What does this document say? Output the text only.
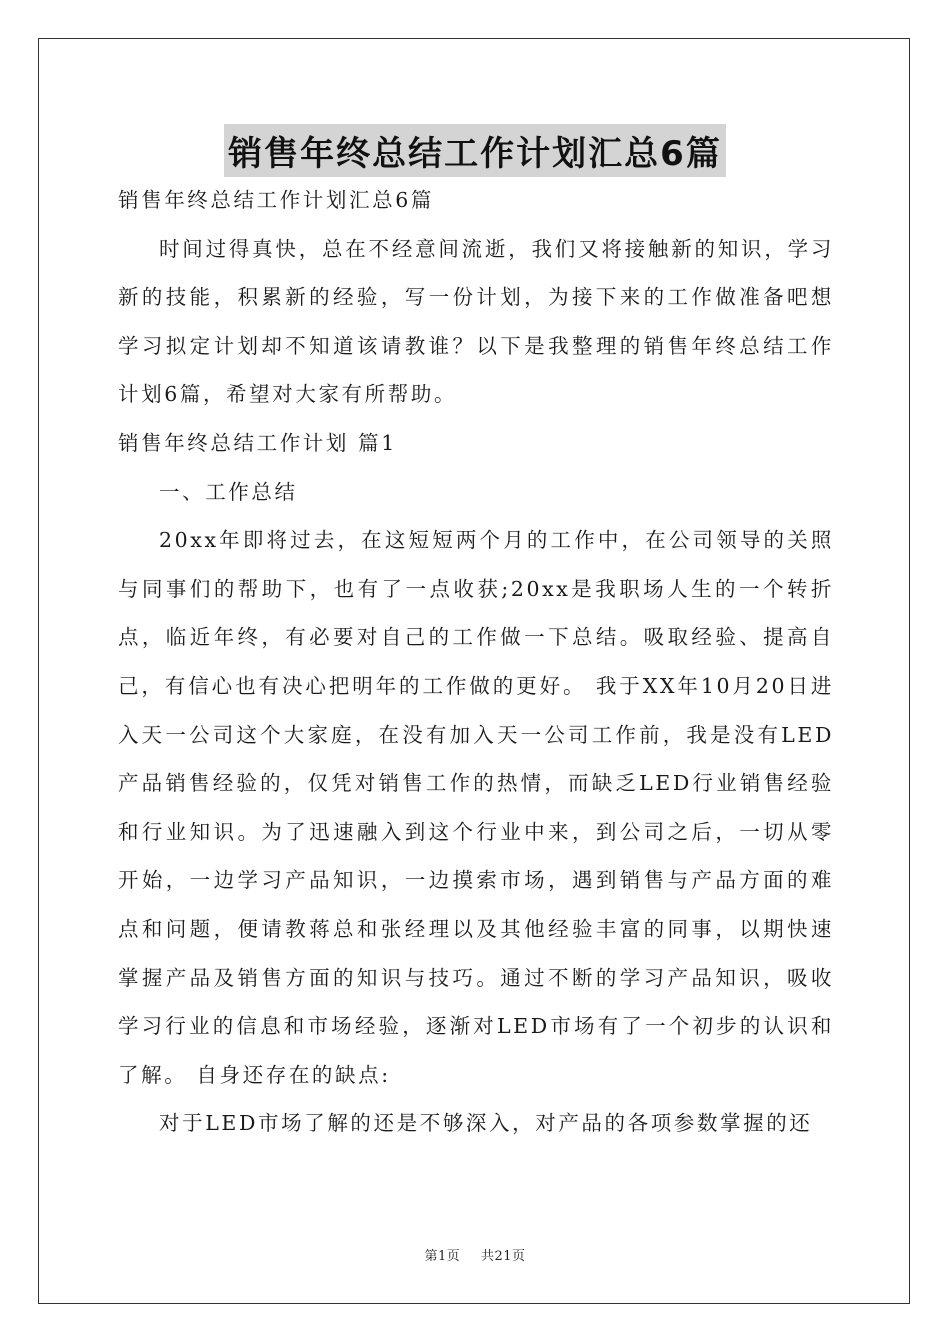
销售年终总结工作计划汇总6篇

销售年终总结工作计划汇总6篇

时间过得真快，总在不经意间流逝，我们又将接触新的知识，学习新的技能，积累新的经验，写一份计划，为接下来的工作做准备吧想学习拟定计划却不知道该请教谁？以下是我整理的销售年终总结工作计划6篇，希望对大家有所帮助。

销售年终总结工作计划 篇1

一、工作总结

20xx年即将过去，在这短短两个月的工作中，在公司领导的关照与同事们的帮助下，也有了一点收获;20xx是我职场人生的一个转折点，临近年终，有必要对自己的工作做一下总结。吸取经验、提高自己，有信心也有决心把明年的工作做的更好。 我于XX年10月20日进入天一公司这个大家庭，在没有加入天一公司工作前，我是没有LED产品销售经验的，仅凭对销售工作的热情，而缺乏LED行业销售经验和行业知识。为了迅速融入到这个行业中来，到公司之后，一切从零开始，一边学习产品知识，一边摸索市场，遇到销售与产品方面的难点和问题，便请教蒋总和张经理以及其他经验丰富的同事，以期快速掌握产品及销售方面的知识与技巧。通过不断的学习产品知识，吸收学习行业的信息和市场经验，逐渐对LED市场有了一个初步的认识和了解。 自身还存在的缺点:

对于LED市场了解的还是不够深入，对产品的各项参数掌握的还

第1页 共21页
